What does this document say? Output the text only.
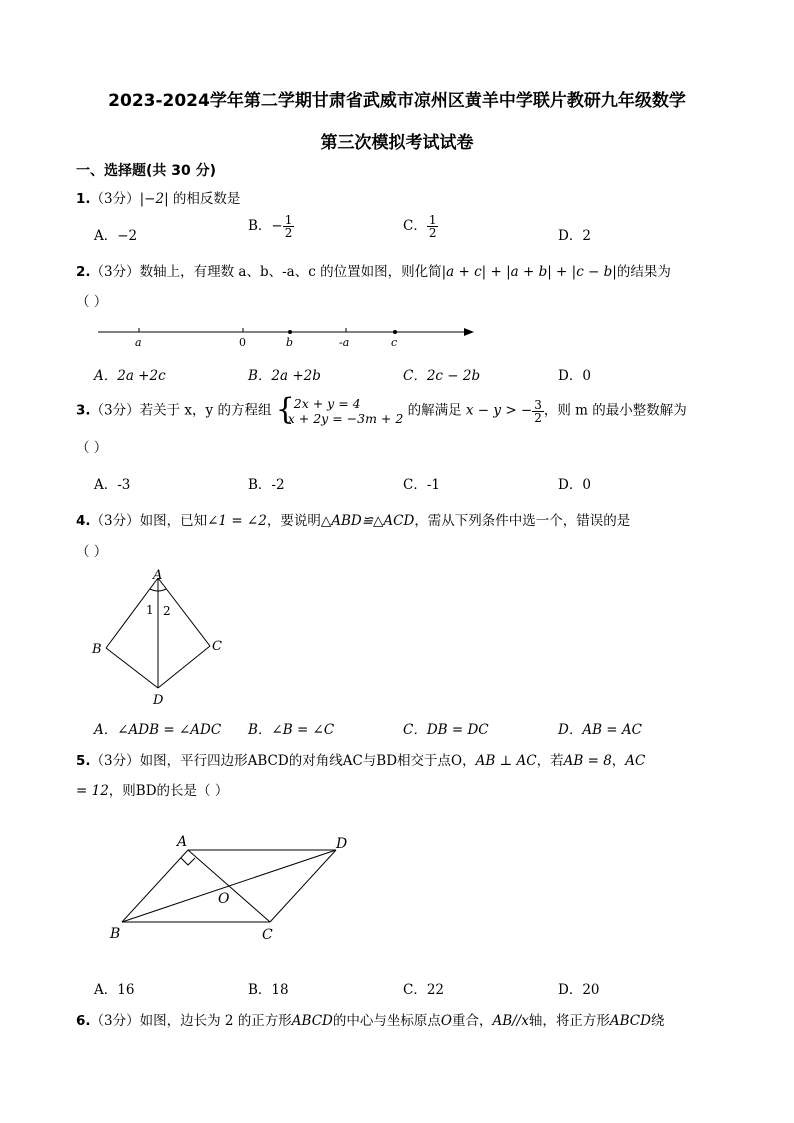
2023-2024学年第二学期甘肃省武威市凉州区黄羊中学联片教研九年级数学
第三次模拟考试试卷
一、选择题(共 30 分)
1.（3分）|−2| 的相反数是
A．−2
B．− $\frac{1}{2}$	C． $\frac{1}{2}$	D．2
2.（3分）数轴上，有理数 a、b、-a、c 的位置如图，则化简|a + c| + |a + b| + |c − b|的结果为
（ ）
a	0	b	-a	c
A．2a +2c	B．2a +2b	C．2c − 2b	D．0
3.（3分）若关于 x，y 的方程组 {
2x + y = 4
x + 2y = −3m + 2 的解满足 x − y > − $\frac{3}{2}$ ，则 m 的最小整数解为
（ ）
A．-3	B．-2	C．-1	D．0
4.（3分）如图，已知∠1 = ∠2，要说明△ABD≌△ACD，需从下列条件中选一个，错误的是
（ ）
A
1 2
B	C
D
A．∠ADB = ∠ADC B．∠B = ∠C	C．DB = DC	D．AB = AC
5.（3分）如图，平行四边形ABCD的对角线AC与BD相交于点O，AB ⊥ AC，若AB = 8，AC
= 12，则BD的长是（ ）
A	D
O
B	C
A．16	B．18	C．22	D．20
6.（3分）如图，边长为 2 的正方形ABCD的中心与坐标原点O重合，AB//x轴，将正方形ABCD绕
